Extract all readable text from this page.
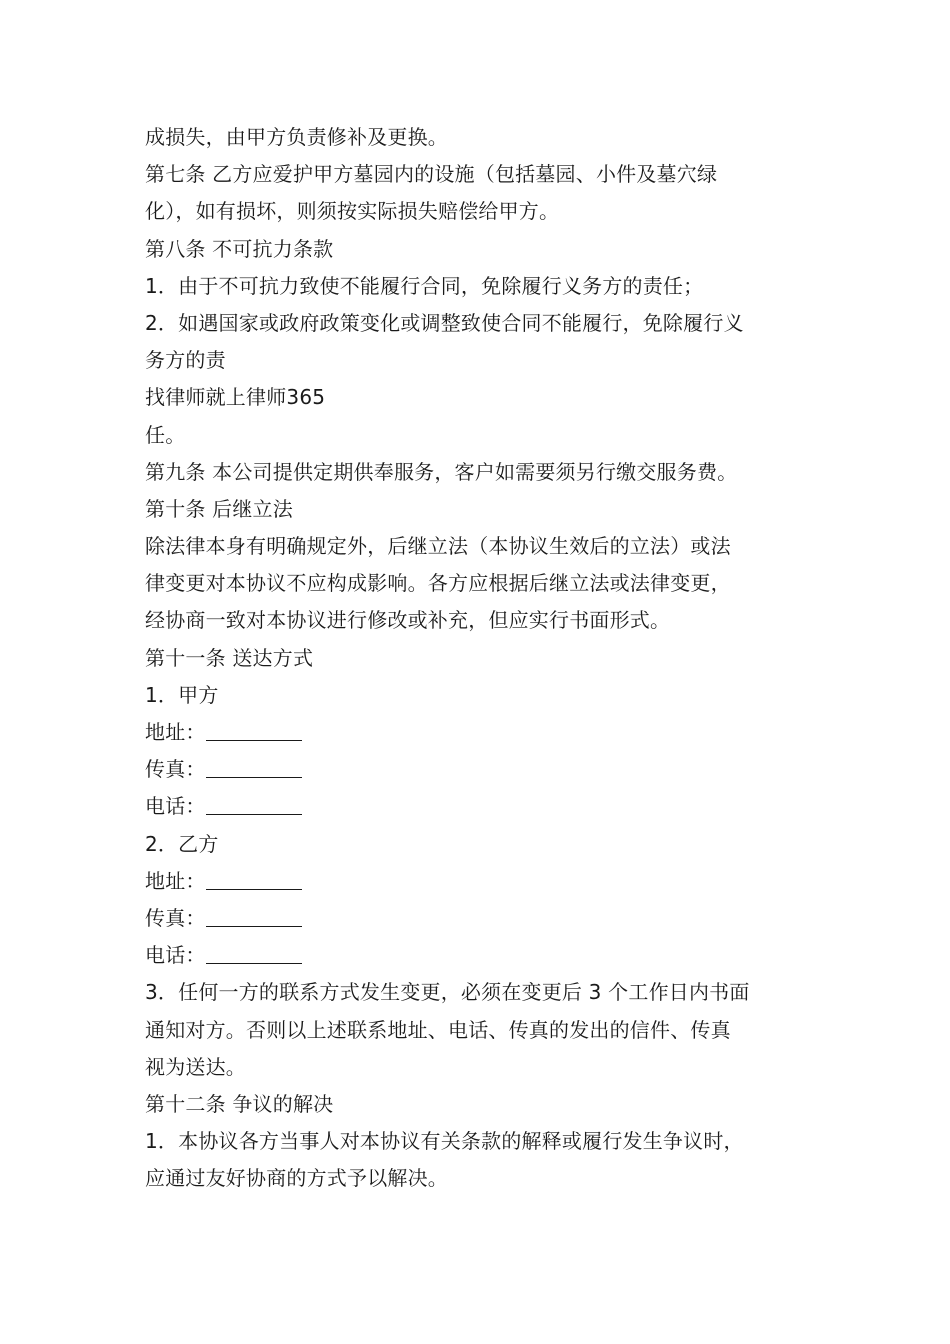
成损失，由甲方负责修补及更换。
第七条 乙方应爱护甲方墓园内的设施（包括墓园、小件及墓穴绿
化），如有损坏，则须按实际损失赔偿给甲方。
第八条 不可抗力条款
1．由于不可抗力致使不能履行合同，免除履行义务方的责任；
2．如遇国家或政府政策变化或调整致使合同不能履行，免除履行义
务方的责
找律师就上律师365
任。
第九条 本公司提供定期供奉服务，客户如需要须另行缴交服务费。
第十条 后继立法
除法律本身有明确规定外，后继立法（本协议生效后的立法）或法
律变更对本协议不应构成影响。各方应根据后继立法或法律变更，
经协商一致对本协议进行修改或补充，但应实行书面形式。
第十一条 送达方式
1．甲方
地址：
传真：
电话：
2．乙方
地址：
传真：
电话：
3．任何一方的联系方式发生变更，必须在变更后 3 个工作日内书面
通知对方。否则以上述联系地址、电话、传真的发出的信件、传真
视为送达。
第十二条 争议的解决
1．本协议各方当事人对本协议有关条款的解释或履行发生争议时，
应通过友好协商的方式予以解决。
